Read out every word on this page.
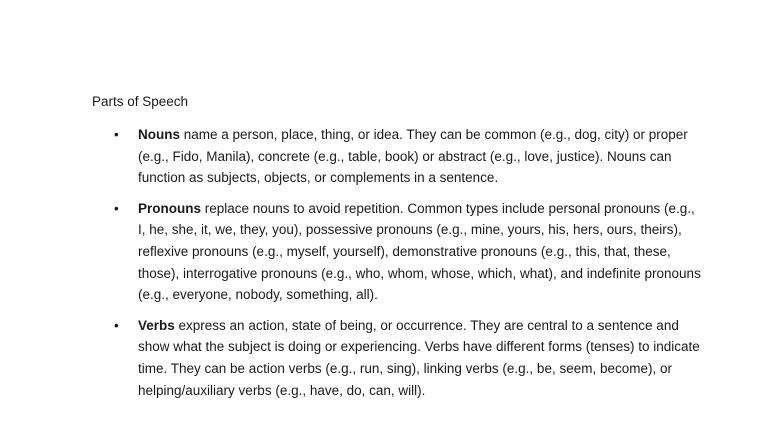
Parts of Speech

• Nouns name a person, place, thing, or idea. They can be common (e.g., dog, city) or proper (e.g., Fido, Manila), concrete (e.g., table, book) or abstract (e.g., love, justice). Nouns can function as subjects, objects, or complements in a sentence.
• Pronouns replace nouns to avoid repetition. Common types include personal pronouns (e.g., I, he, she, it, we, they, you), possessive pronouns (e.g., mine, yours, his, hers, ours, theirs), reflexive pronouns (e.g., myself, yourself), demonstrative pronouns (e.g., this, that, these, those), interrogative pronouns (e.g., who, whom, whose, which, what), and indefinite pronouns (e.g., everyone, nobody, something, all).
• Verbs express an action, state of being, or occurrence. They are central to a sentence and show what the subject is doing or experiencing. Verbs have different forms (tenses) to indicate time. They can be action verbs (e.g., run, sing), linking verbs (e.g., be, seem, become), or helping/auxiliary verbs (e.g., have, do, can, will).
